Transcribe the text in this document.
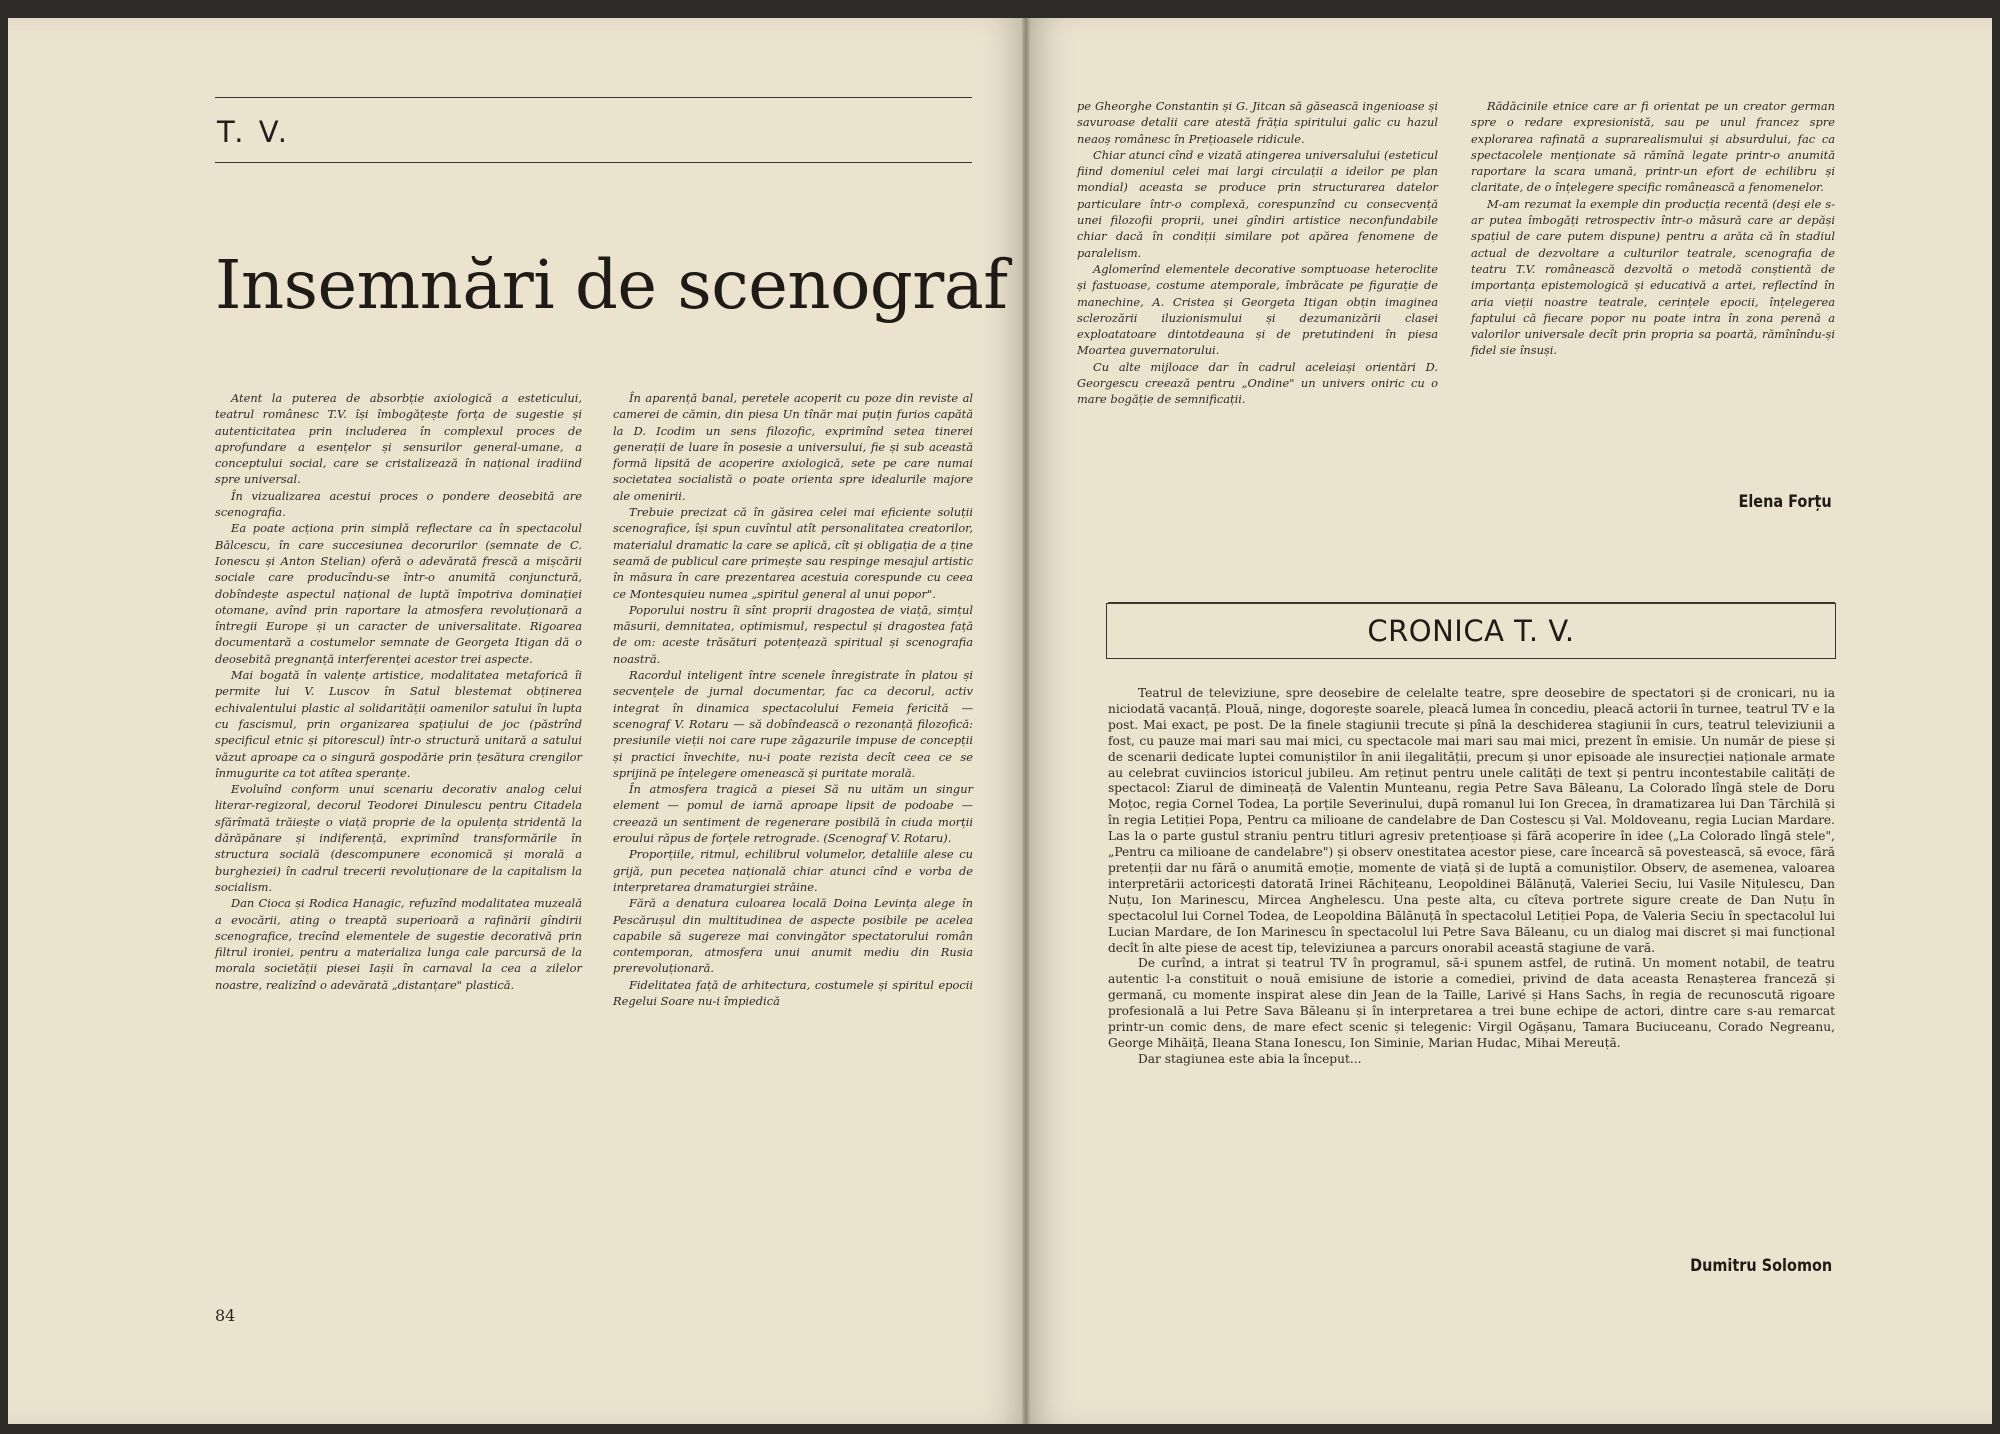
T. V.
Insemnări de scenograf

Atent la puterea de absorbție axiologică a esteticului, teatrul românesc T.V. își îmbogățește forța de sugestie și autenticitatea prin includerea în complexul proces de aprofundare a esențelor și sensurilor general-umane, a conceptului social, care se cristalizează în național iradiind spre universal.

În vizualizarea acestui proces o pondere deosebită are scenografia.

Ea poate acționa prin simplă reflectare ca în spectacolul Bălcescu, în care succesiunea decorurilor (semnate de C. Ionescu și Anton Stelian) oferă o adevărată frescă a mișcării sociale care producîndu-se într-o anumită conjunctură, dobîndește aspectul național de luptă împotriva dominației otomane, avînd prin raportare la atmosfera revoluționară a întregii Europe și un caracter de universalitate. Rigoarea documentară a costumelor semnate de Georgeta Itigan dă o deosebită pregnanță interferenței acestor trei aspecte.

Mai bogată în valențe artistice, modalitatea metaforică îi permite lui V. Luscov în Satul blestemat obținerea echivalentului plastic al solidarității oamenilor satului în lupta cu fascismul, prin organizarea spațiului de joc (păstrînd specificul etnic și pitorescul) într-o structură unitară a satului văzut aproape ca o singură gospodărie prin țesătura crengilor înmugurite ca tot atîtea speranțe.

Evoluînd conform unui scenariu decorativ analog celui literar-regizoral, decorul Teodorei Dinulescu pentru Citadela sfărîmată trăiește o viață proprie de la opulența stridentă la dărăpănare și indiferență, exprimînd transformările în structura socială (descompunere economică și morală a burgheziei) în cadrul trecerii revoluționare de la capitalism la socialism.

Dan Cioca și Rodica Hanagic, refuzînd modalitatea muzeală a evocării, ating o treaptă superioară a rafinării gîndirii scenografice, trecînd elementele de sugestie decorativă prin filtrul ironiei, pentru a materializa lunga cale parcursă de la morala societății piesei Iașii în carnaval la cea a zilelor noastre, realizînd o adevărată „distanțare" plastică.

În aparență banal, peretele acoperit cu poze din reviste al camerei de cămin, din piesa Un tînăr mai puțin furios capătă la D. Icodim un sens filozofic, exprimînd setea tinerei generații de luare în posesie a universului, fie și sub această formă lipsită de acoperire axiologică, sete pe care numai societatea socialistă o poate orienta spre idealurile majore ale omenirii.

Trebuie precizat că în găsirea celei mai eficiente soluții scenografice, își spun cuvîntul atît personalitatea creatorilor, materialul dramatic la care se aplică, cît și obligația de a ține seamă de publicul care primește sau respinge mesajul artistic în măsura în care prezentarea acestuia corespunde cu ceea ce Montesquieu numea „spiritul general al unui popor".

Poporului nostru îi sînt proprii dragostea de viață, simțul măsurii, demnitatea, optimismul, respectul și dragostea față de om: aceste trăsături potențează spiritual și scenografia noastră.

Racordul inteligent între scenele înregistrate în platou și secvențele de jurnal documentar, fac ca decorul, activ integrat în dinamica spectacolului Femeia fericită — scenograf V. Rotaru — să dobîndească o rezonanță filozofică: presiunile vieții noi care rupe zăgazurile impuse de concepții și practici învechite, nu-i poate rezista decît ceea ce se sprijină pe înțelegere omenească și puritate morală.

În atmosfera tragică a piesei Să nu uităm un singur element — pomul de iarnă aproape lipsit de podoabe — creează un sentiment de regenerare posibilă în ciuda morții eroului răpus de forțele retrograde. (Scenograf V. Rotaru).

Proporțiile, ritmul, echilibrul volumelor, detaliile alese cu grijă, pun pecetea națională chiar atunci cînd e vorba de interpretarea dramaturgiei străine.

Fără a denatura culoarea locală Doina Levința alege în Pescărușul din multitudinea de aspecte posibile pe acelea capabile să sugereze mai convingător spectatorului român contemporan, atmosfera unui anumit mediu din Rusia prerevoluționară.

Fidelitatea față de arhitectura, costumele și spiritul epocii Regelui Soare nu-i împiedică

84

pe Gheorghe Constantin și G. Jitcan să găsească ingenioase și savuroase detalii care atestă frăția spiritului galic cu hazul neaoș românesc în Prețioasele ridicule.

Chiar atunci cînd e vizată atingerea universalului (esteticul fiind domeniul celei mai largi circulații a ideilor pe plan mondial) aceasta se produce prin structurarea datelor particulare într-o complexă, corespunzînd cu consecvență unei filozofii proprii, unei gîndiri artistice neconfundabile chiar dacă în condiții similare pot apărea fenomene de paralelism.

Aglomerînd elementele decorative somptuoase heteroclite și fastuoase, costume atemporale, îmbrăcate pe figurație de manechine, A. Cristea și Georgeta Itigan obțin imaginea sclerozării iluzionismului și dezumanizării clasei exploatatoare dintotdeauna și de pretutindeni în piesa Moartea guvernatorului.

Cu alte mijloace dar în cadrul aceleiași orientări D. Georgescu creează pentru „Ondine" un univers oniric cu o mare bogăție de semnificații.

Rădăcinile etnice care ar fi orientat pe un creator german spre o redare expresionistă, sau pe unul francez spre explorarea rafinată a suprarealismului și absurdului, fac ca spectacolele menționate să rămînă legate printr-o anumită raportare la scara umană, printr-un efort de echilibru și claritate, de o înțelegere specific românească a fenomenelor.

M-am rezumat la exemple din producția recentă (deși ele s-ar putea îmbogăți retrospectiv într-o măsură care ar depăși spațiul de care putem dispune) pentru a arăta că în stadiul actual de dezvoltare a culturilor teatrale, scenografia de teatru T.V. românească dezvoltă o metodă conștientă de importanța epistemologică și educativă a artei, reflectînd în aria vieții noastre teatrale, cerințele epocii, înțelegerea faptului că fiecare popor nu poate intra în zona perenă a valorilor universale decît prin propria sa poartă, rămînîndu-și fidel sie însuși.

Elena Forțu
CRONICA T. V.

Teatrul de televiziune, spre deosebire de celelalte teatre, spre deosebire de spectatori și de cronicari, nu ia niciodată vacanță. Plouă, ninge, dogorește soarele, pleacă lumea în concediu, pleacă actorii în turnee, teatrul TV e la post. Mai exact, pe post. De la finele stagiunii trecute și pînă la deschiderea stagiunii în curs, teatrul televiziunii a fost, cu pauze mai mari sau mai mici, cu spectacole mai mari sau mai mici, prezent în emisie. Un număr de piese și de scenarii dedicate luptei comuniștilor în anii ilegalității, precum și unor episoade ale insurecției naționale armate au celebrat cuviincios istoricul jubileu. Am reținut pentru unele calități de text și pentru incontestabile calități de spectacol: Ziarul de dimineață de Valentin Munteanu, regia Petre Sava Băleanu, La Colorado lîngă stele de Doru Moțoc, regia Cornel Todea, La porțile Severinului, după romanul lui Ion Grecea, în dramatizarea lui Dan Tărchilă și în regia Letiției Popa, Pentru ca milioane de candelabre de Dan Costescu și Val. Moldoveanu, regia Lucian Mardare. Las la o parte gustul straniu pentru titluri agresiv pretențioase și fără acoperire în idee („La Colorado lîngă stele", „Pentru ca milioane de candelabre") și observ onestitatea acestor piese, care încearcă să povestească, să evoce, fără pretenții dar nu fără o anumită emoție, momente de viață și de luptă a comuniștilor. Observ, de asemenea, valoarea interpretării actoricești datorată Irinei Răchițeanu, Leopoldinei Bălănuță, Valeriei Seciu, lui Vasile Nițulescu, Dan Nuțu, Ion Marinescu, Mircea Anghelescu. Una peste alta, cu cîteva portrete sigure create de Dan Nuțu în spectacolul lui Cornel Todea, de Leopoldina Bălănuță în spectacolul Letiției Popa, de Valeria Seciu în spectacolul lui Lucian Mardare, de Ion Marinescu în spectacolul lui Petre Sava Băleanu, cu un dialog mai discret și mai funcțional decît în alte piese de acest tip, televiziunea a parcurs onorabil această stagiune de vară.

De curînd, a intrat și teatrul TV în programul, să-i spunem astfel, de rutină. Un moment notabil, de teatru autentic l-a constituit o nouă emisiune de istorie a comediei, privind de data aceasta Renașterea franceză și germană, cu momente inspirat alese din Jean de la Taille, Larivé și Hans Sachs, în regia de recunoscută rigoare profesională a lui Petre Sava Băleanu și în interpretarea a trei bune echipe de actori, dintre care s-au remarcat printr-un comic dens, de mare efect scenic și telegenic: Virgil Ogășanu, Tamara Buciuceanu, Corado Negreanu, George Mihăiță, Ileana Stana Ionescu, Ion Siminie, Marian Hudac, Mihai Mereuță.

Dar stagiunea este abia la început...

Dumitru Solomon
